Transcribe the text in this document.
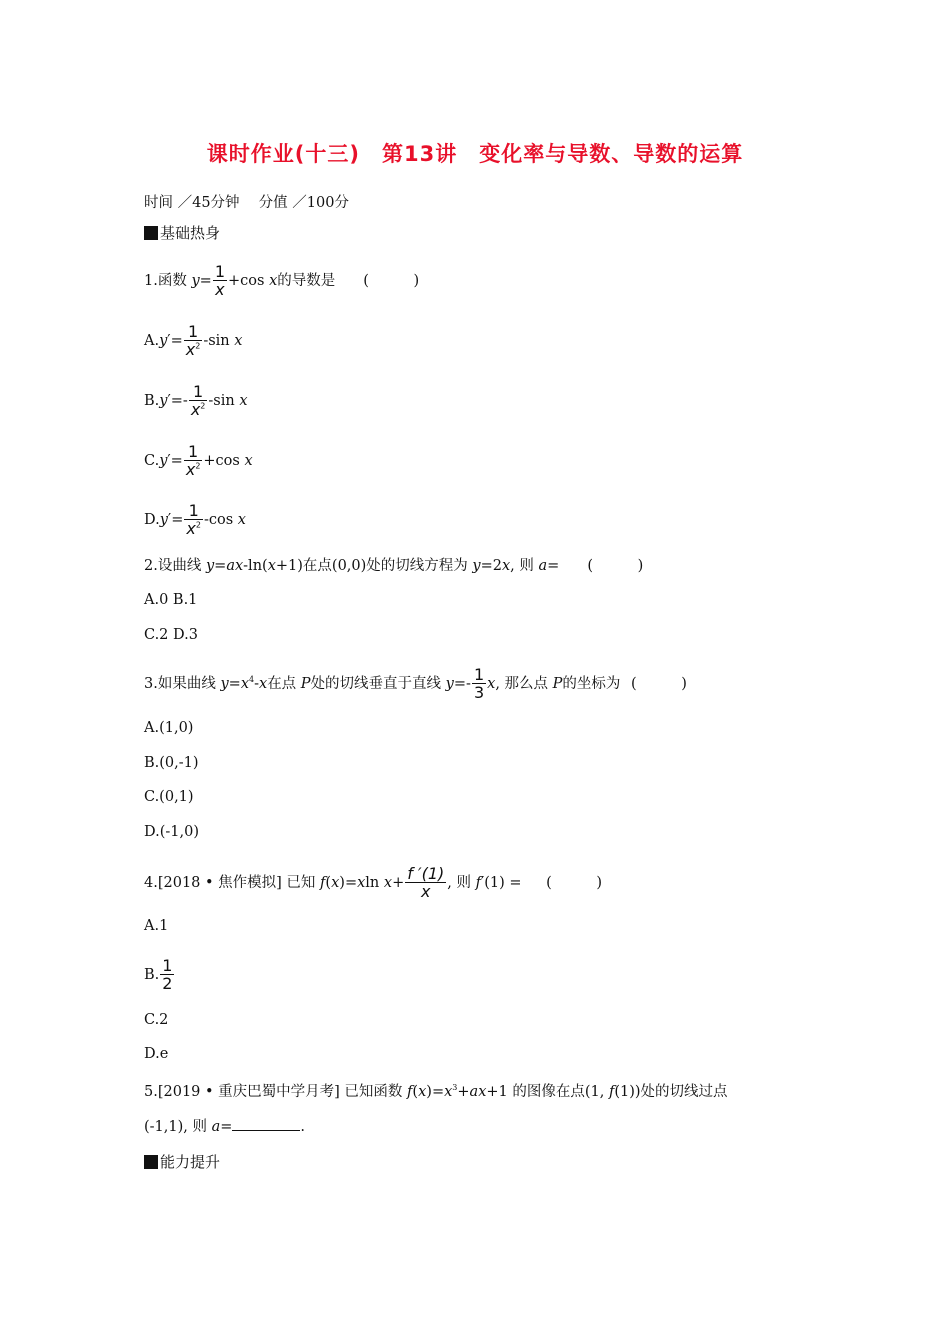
课时作业(十三)　第13讲　变化率与导数、导数的运算
时间 ／45分钟　 分值 ／100分
基础热身
1.函数 $y= \frac{1}{x} +\cos$ x的导数是 ( )
$A.y'= \frac{1}{x^2} -\sin$ x
$B.y'=- \frac{1}{x^2} -\sin$ x
$C.y'= \frac{1}{x^2} +\cos$ x
$D.y'= \frac{1}{x^2} -\cos$ x
2.设曲线 y=ax-ln(x+1)在点(0,0)处的切线方程为 y=2x, 则 a= ( )
A.0 B.1
C.2 D.3
3.如果曲线 $y=x^4-x$在点 P处的切线垂直于直线 $y=- \frac{1}{3} x$, 那么点 P的坐标为 ( )
A.(1,0)
B.(0,-1)
C.(0,1)
D.(-1,0)
4.[2018 • 焦作模拟] 已知 f(x)=xln $x+ \frac{f '(1)}{x}$ , 则 f′(1) = ( )
A.1
B. $\frac{1}{2}$
C.2
D.e
5.[2019 • 重庆巴蜀中学月考] 已知函数 $f(x)=x^3+ax+1$ 的图像在点(1, f(1))处的切线过点
(-1,1), 则 a=	.
能力提升
